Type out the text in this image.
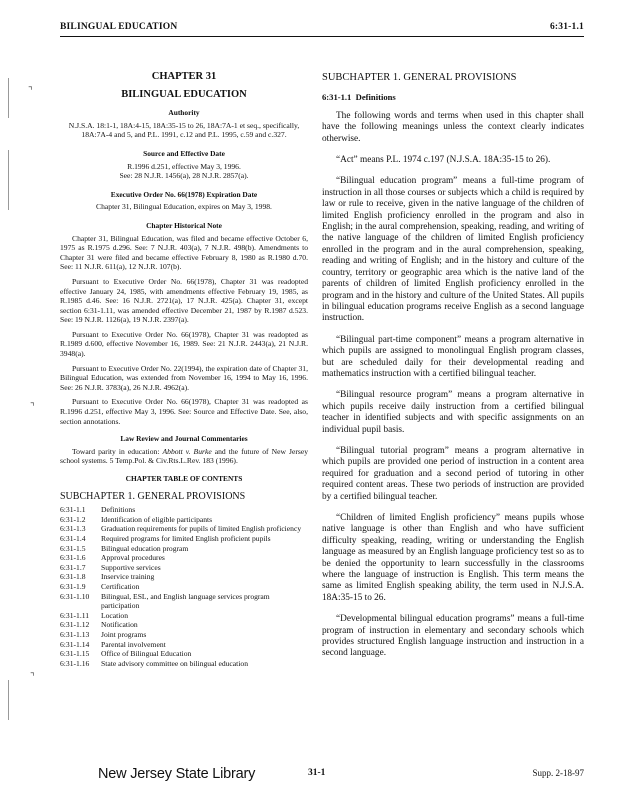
BILINGUAL EDUCATION	6:31-1.1
⌝
⌝
⌝
CHAPTER 31
BILINGUAL EDUCATION
Authority

N.J.S.A. 18:1-1, 18A:4-15, 18A:35-15 to 26, 18A:7A-1 et seq., specifically, 18A:7A-4 and 5, and P.L. 1991, c.12 and P.L. 1995, c.59 and c.327.

Source and Effective Date

R.1996 d.251, effective May 3, 1996.

See: 28 N.J.R. 1456(a), 28 N.J.R. 2857(a).

Executive Order No. 66(1978) Expiration Date

Chapter 31, Bilingual Education, expires on May 3, 1998.

Chapter Historical Note

Chapter 31, Bilingual Education, was filed and became effective October 6, 1975 as R.1975 d.296. See: 7 N.J.R. 403(a), 7 N.J.R. 498(b). Amendments to Chapter 31 were filed and became effective February 8, 1980 as R.1980 d.70. See: 11 N.J.R. 611(a), 12 N.J.R. 107(b).

Pursuant to Executive Order No. 66(1978), Chapter 31 was readopted effective January 24, 1985, with amendments effective February 19, 1985, as R.1985 d.46. See: 16 N.J.R. 2721(a), 17 N.J.R. 425(a). Chapter 31, except section 6:31-1.11, was amended effective December 21, 1987 by R.1987 d.523. See: 19 N.J.R. 1126(a), 19 N.J.R. 2397(a).

Pursuant to Executive Order No. 66(1978), Chapter 31 was readopted as R.1989 d.600, effective November 16, 1989. See: 21 N.J.R. 2443(a), 21 N.J.R. 3948(a).

Pursuant to Executive Order No. 22(1994), the expiration date of Chapter 31, Bilingual Education, was extended from November 16, 1994 to May 16, 1996. See: 26 N.J.R. 3783(a), 26 N.J.R. 4962(a).

Pursuant to Executive Order No. 66(1978), Chapter 31 was readopted as R.1996 d.251, effective May 3, 1996. See: Source and Effective Date. See, also, section annotations.

Law Review and Journal Commentaries

Toward parity in education: Abbott v. Burke and the future of New Jersey school systems. 5 Temp.Pol. & Civ.Rts.L.Rev. 183 (1996).

CHAPTER TABLE OF CONTENTS
SUBCHAPTER 1. GENERAL PROVISIONS
6:31-1.1	Definitions
6:31-1.2	Identification of eligible participants
6:31-1.3	Graduation requirements for pupils of limited English proficiency
6:31-1.4	Required programs for limited English proficient pupils
6:31-1.5	Bilingual education program
6:31-1.6	Approval procedures
6:31-1.7	Supportive services
6:31-1.8	Inservice training
6:31-1.9	Certification
6:31-1.10	Bilingual, ESL, and English language services program participation
6:31-1.11	Location
6:31-1.12	Notification
6:31-1.13	Joint programs
6:31-1.14	Parental involvement
6:31-1.15	Office of Bilingual Education
6:31-1.16	State advisory committee on bilingual education
SUBCHAPTER 1. GENERAL PROVISIONS
6:31-1.1 Definitions

The following words and terms when used in this chapter shall have the following meanings unless the context clearly indicates otherwise.

“Act” means P.L. 1974 c.197 (N.J.S.A. 18A:35-15 to 26).

“Bilingual education program” means a full-time program of instruction in all those courses or subjects which a child is required by law or rule to receive, given in the native language of the children of limited English proficiency enrolled in the program and also in English; in the aural comprehension, speaking, reading, and writing of the native language of the children of limited English proficiency enrolled in the program and in the aural comprehension, speaking, reading and writing of English; and in the history and culture of the country, territory or geographic area which is the native land of the parents of children of limited English proficiency enrolled in the program and in the history and culture of the United States. All pupils in bilingual education programs receive English as a second language instruction.

“Bilingual part-time component” means a program alternative in which pupils are assigned to monolingual English program classes, but are scheduled daily for their developmental reading and mathematics instruction with a certified bilingual teacher.

“Bilingual resource program” means a program alternative in which pupils receive daily instruction from a certified bilingual teacher in identified subjects and with specific assignments on an individual pupil basis.

“Bilingual tutorial program” means a program alternative in which pupils are provided one period of instruction in a content area required for graduation and a second period of tutoring in other required content areas. These two periods of instruction are provided by a certified bilingual teacher.

“Children of limited English proficiency” means pupils whose native language is other than English and who have sufficient difficulty speaking, reading, writing or understanding the English language as measured by an English language proficiency test so as to be denied the opportunity to learn successfully in the classrooms where the language of instruction is English. This term means the same as limited English speaking ability, the term used in N.J.S.A. 18A:35-15 to 26.

“Developmental bilingual education programs” means a full-time program of instruction in elementary and secondary schools which provides structured English language instruction and instruction in a second language.

New Jersey State Library	31-1	Supp. 2-18-97
